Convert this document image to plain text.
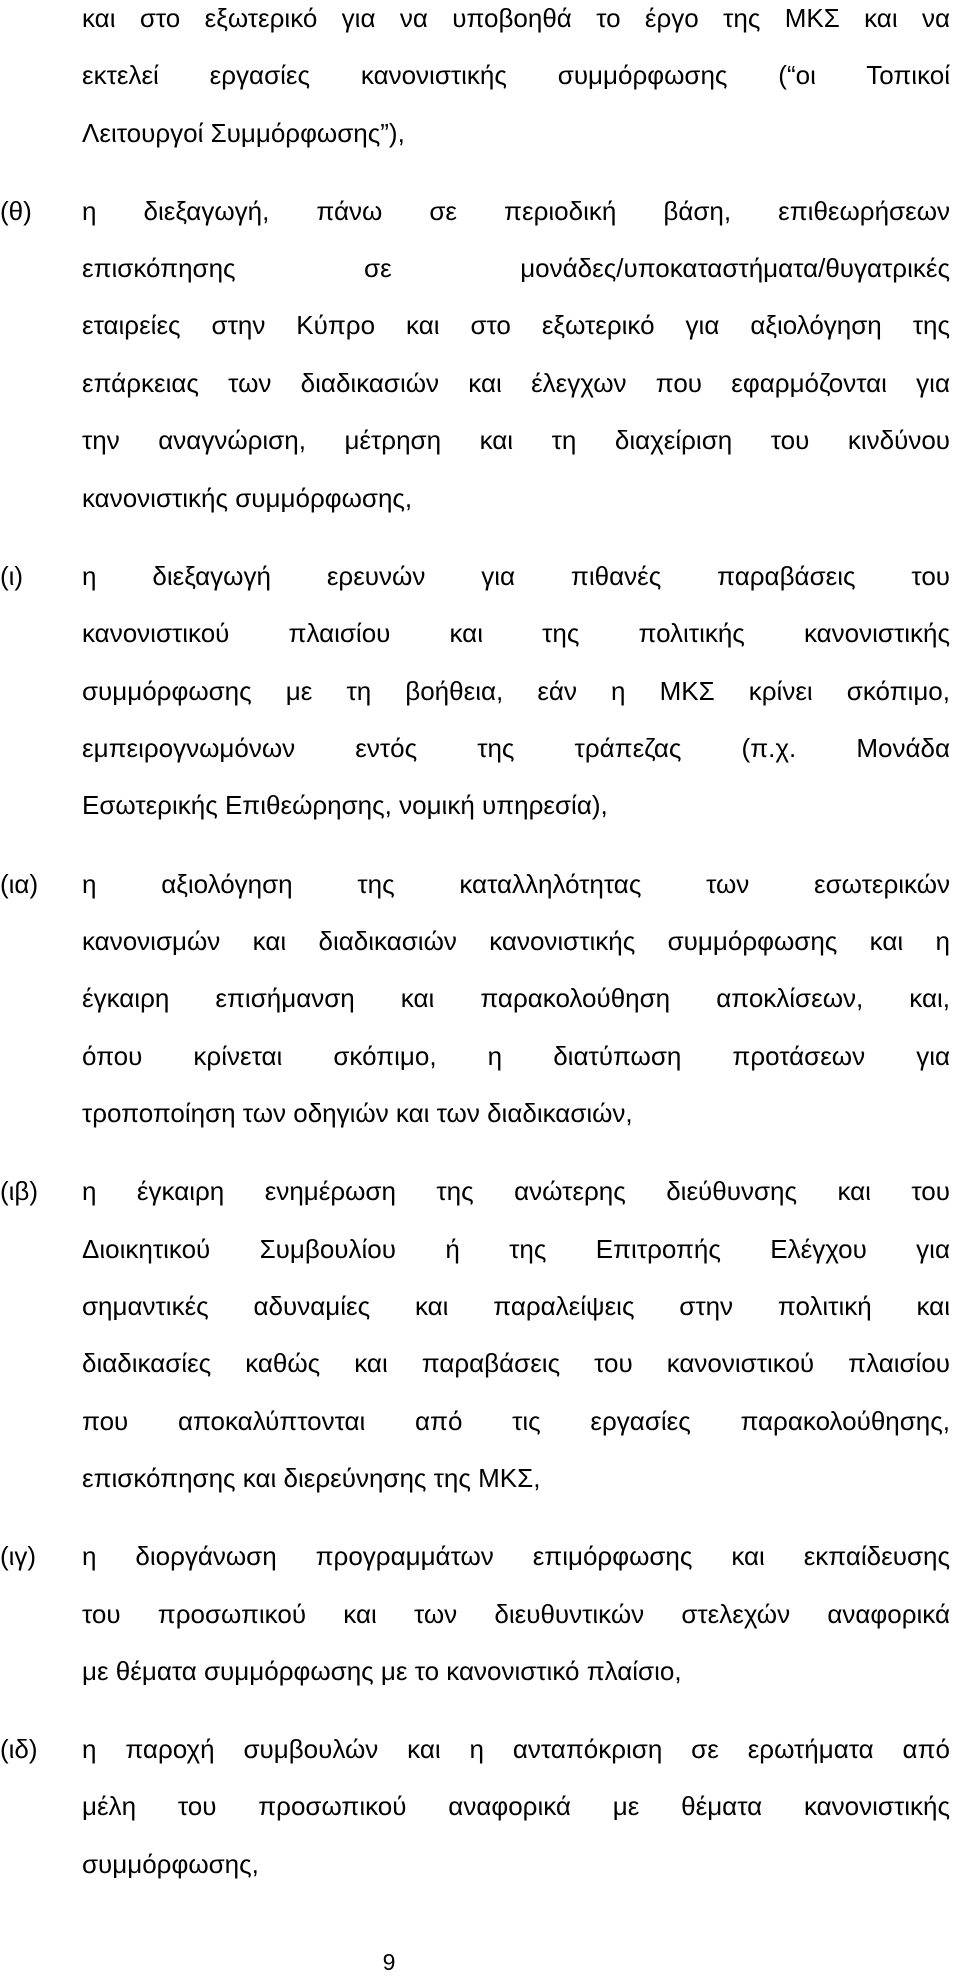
και στο εξωτερικό για να υποβοηθά το έργο της ΜΚΣ και να
εκτελεί εργασίες κανονιστικής συμμόρφωσης (“οι Τοπικοί
Λειτουργοί Συμμόρφωσης”),
(θ)	η διεξαγωγή, πάνω σε περιοδική βάση, επιθεωρήσεων
επισκόπησης σε μονάδες/υποκαταστήματα/θυγατρικές
εταιρείες στην Κύπρο και στο εξωτερικό για αξιολόγηση της
επάρκειας των διαδικασιών και έλεγχων που εφαρμόζονται για
την αναγνώριση, μέτρηση και τη διαχείριση του κινδύνου
κανονιστικής συμμόρφωσης,
(ι)	η διεξαγωγή ερευνών για πιθανές παραβάσεις του
κανονιστικού πλαισίου και της πολιτικής κανονιστικής
συμμόρφωσης με τη βοήθεια, εάν η ΜΚΣ κρίνει σκόπιμο,
εμπειρογνωμόνων εντός της τράπεζας (π.χ. Μονάδα
Εσωτερικής Επιθεώρησης, νομική υπηρεσία),
(ια)	η αξιολόγηση της καταλληλότητας των εσωτερικών
κανονισμών και διαδικασιών κανονιστικής συμμόρφωσης και η
έγκαιρη επισήμανση και παρακολούθηση αποκλίσεων, και,
όπου κρίνεται σκόπιμο, η διατύπωση προτάσεων για
τροποποίηση των οδηγιών και των διαδικασιών,
(ιβ)	η έγκαιρη ενημέρωση της ανώτερης διεύθυνσης και του
Διοικητικού Συμβουλίου ή της Επιτροπής Ελέγχου για
σημαντικές αδυναμίες και παραλείψεις στην πολιτική και
διαδικασίες καθώς και παραβάσεις του κανονιστικού πλαισίου
που αποκαλύπτονται από τις εργασίες παρακολούθησης,
επισκόπησης και διερεύνησης της ΜΚΣ,
(ιγ)	η διοργάνωση προγραμμάτων επιμόρφωσης και εκπαίδευσης
του προσωπικού και των διευθυντικών στελεχών αναφορικά
με θέματα συμμόρφωσης με το κανονιστικό πλαίσιο,
(ιδ)	η παροχή συμβουλών και η ανταπόκριση σε ερωτήματα από
μέλη του προσωπικού αναφορικά με θέματα κανονιστικής
συμμόρφωσης,
9
